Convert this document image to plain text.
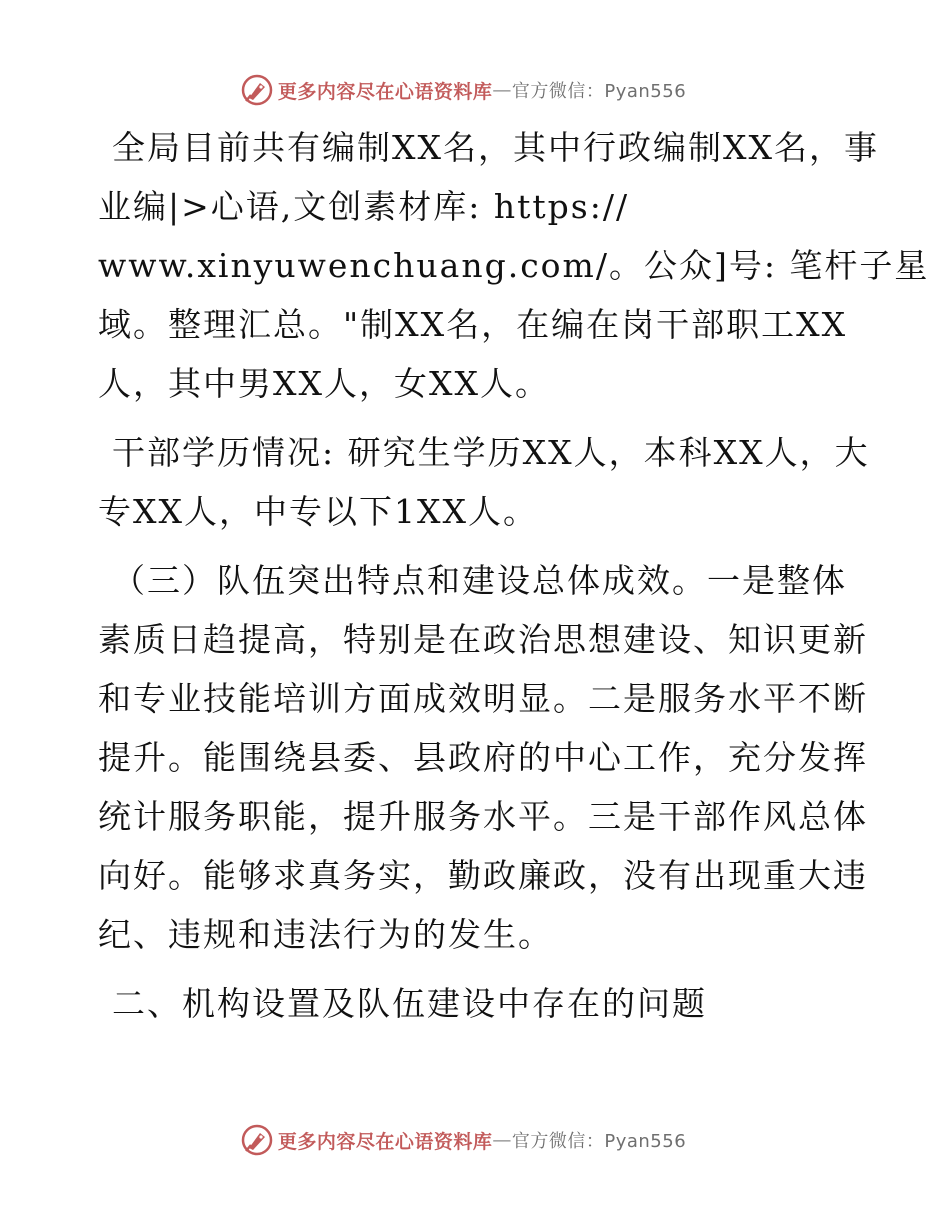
更多内容尽在心语资料库 — 官方微信：Pyan556

全局目前共有编制XX名，其中行政编制XX名，事
业编|>心语,文创素材库: https://
www.xinyuwenchuang.com/。公众]号: 笔杆子星
域。整理汇总。"制XX名，在编在岗干部职工XX
人，其中男XX人，女XX人。

干部学历情况: 研究生学历XX人，本科XX人，大
专XX人，中专以下1XX人。

（三）队伍突出特点和建设总体成效。一是整体
素质日趋提高，特别是在政治思想建设、知识更新
和专业技能培训方面成效明显。二是服务水平不断
提升。能围绕县委、县政府的中心工作，充分发挥
统计服务职能，提升服务水平。三是干部作风总体
向好。能够求真务实，勤政廉政，没有出现重大违
纪、违规和违法行为的发生。

二、机构设置及队伍建设中存在的问题

更多内容尽在心语资料库 — 官方微信：Pyan556
